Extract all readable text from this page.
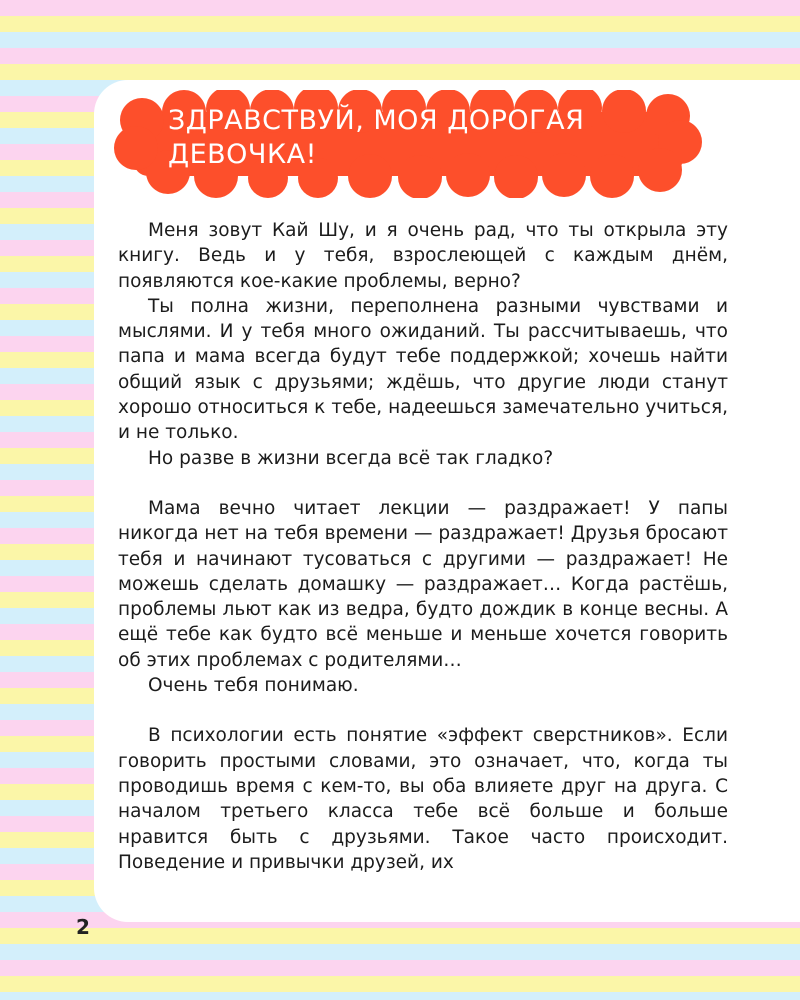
ЗДРАВСТВУЙ, МОЯ ДОРОГАЯ
ДЕВОЧКА!

Меня зовут Кай Шу, и я очень рад, что ты открыла эту книгу. Ведь и у тебя, взрослеющей с каждым днём, появляются кое-какие проблемы, верно?

Ты полна жизни, переполнена разными чувствами и мыслями. И у тебя много ожиданий. Ты рассчитываешь, что папа и мама всегда будут тебе поддержкой; хочешь найти общий язык с друзьями; ждёшь, что другие люди станут хорошо относиться к тебе, надеешься замечательно учиться, и не только.

Но разве в жизни всегда всё так гладко?

Мама вечно читает лекции — раздражает! У папы никогда нет на тебя времени — раздражает! Друзья бросают тебя и начинают тусоваться с другими — раздражает! Не можешь сделать домашку — раздражает… Когда растёшь, проблемы льют как из ведра, будто дождик в конце весны. А ещё тебе как будто всё меньше и меньше хочется говорить об этих проблемах с родителями…

Очень тебя понимаю.

В психологии есть понятие «эффект сверстников». Если говорить простыми словами, это означает, что, когда ты проводишь время с кем-то, вы оба влияете друг на друга. С началом третьего класса тебе всё больше и больше нравится быть с друзьями. Такое часто происходит. Поведение и привычки друзей, их

2
